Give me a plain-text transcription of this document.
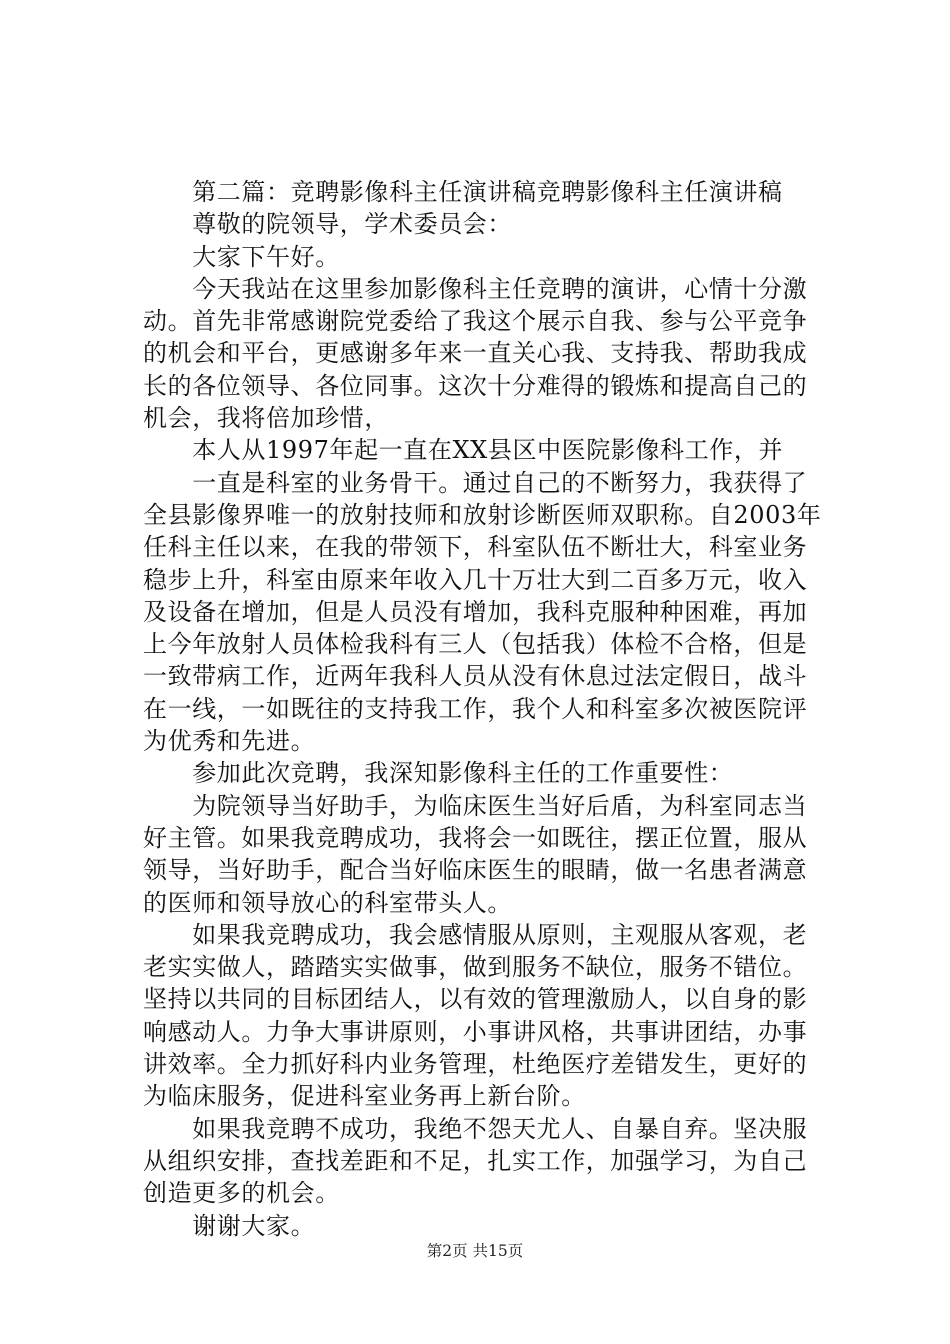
　　第二篇：竞聘影像科主任演讲稿竞聘影像科主任演讲稿
　　尊敬的院领导，学术委员会：
　　大家下午好。
　　今天我站在这里参加影像科主任竞聘的演讲，心情十分激
动。首先非常感谢院党委给了我这个展示自我、参与公平竞争
的机会和平台，更感谢多年来一直关心我、支持我、帮助我成
长的各位领导、各位同事。这次十分难得的锻炼和提高自己的
机会，我将倍加珍惜，
　　本人从1997年起一直在XX县区中医院影像科工作，并
　　一直是科室的业务骨干。通过自己的不断努力，我获得了
全县影像界唯一的放射技师和放射诊断医师双职称。自2003年
任科主任以来，在我的带领下，科室队伍不断壮大，科室业务
稳步上升，科室由原来年收入几十万壮大到二百多万元，收入
及设备在增加，但是人员没有增加，我科克服种种困难，再加
上今年放射人员体检我科有三人（包括我）体检不合格，但是
一致带病工作，近两年我科人员从没有休息过法定假日，战斗
在一线，一如既往的支持我工作，我个人和科室多次被医院评
为优秀和先进。
　　参加此次竞聘，我深知影像科主任的工作重要性：
　　为院领导当好助手，为临床医生当好后盾，为科室同志当
好主管。如果我竞聘成功，我将会一如既往，摆正位置，服从
领导，当好助手，配合当好临床医生的眼睛，做一名患者满意
的医师和领导放心的科室带头人。
　　如果我竞聘成功，我会感情服从原则，主观服从客观，老
老实实做人，踏踏实实做事，做到服务不缺位，服务不错位。
坚持以共同的目标团结人，以有效的管理激励人，以自身的影
响感动人。力争大事讲原则，小事讲风格，共事讲团结，办事
讲效率。全力抓好科内业务管理，杜绝医疗差错发生，更好的
为临床服务，促进科室业务再上新台阶。
　　如果我竞聘不成功，我绝不怨天尤人、自暴自弃。坚决服
从组织安排，查找差距和不足，扎实工作，加强学习，为自己
创造更多的机会。
　　谢谢大家。
第2页 共15页
